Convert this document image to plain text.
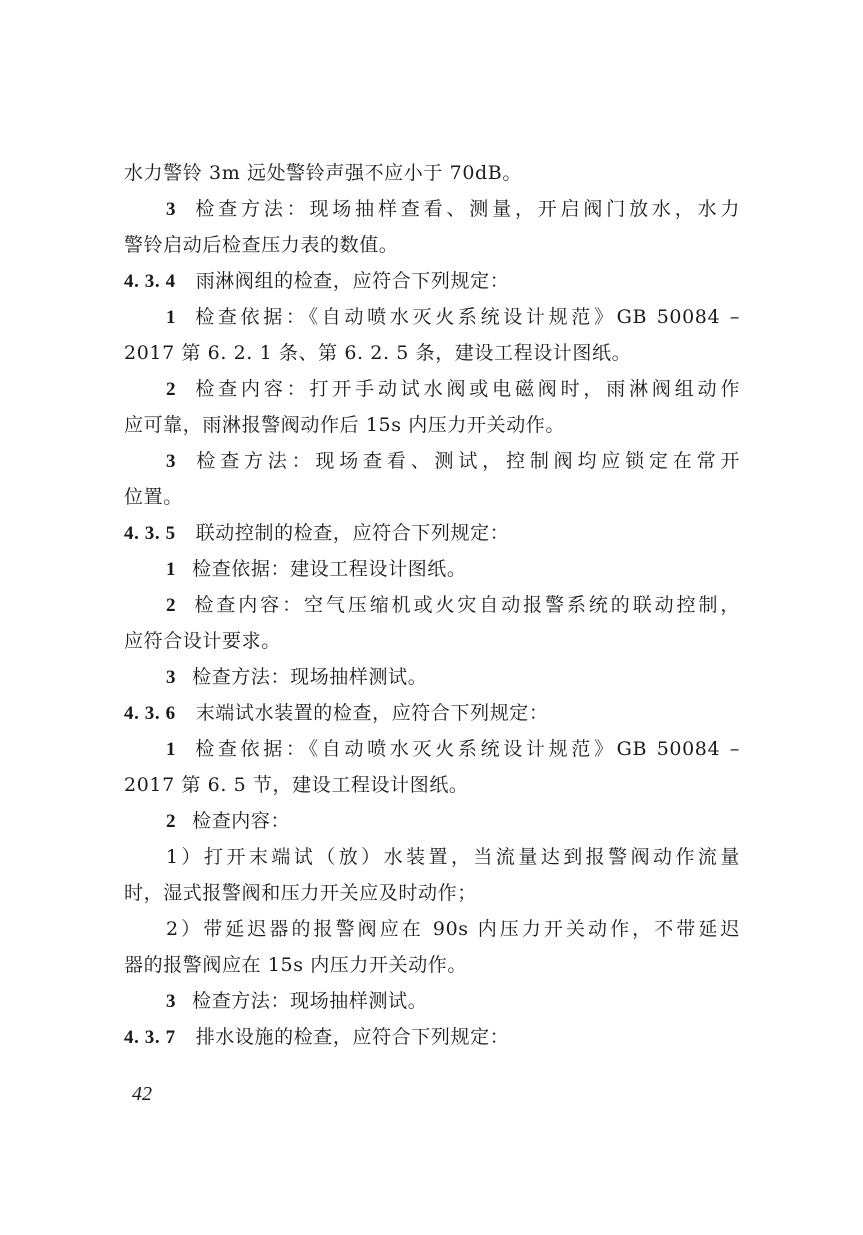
水力警铃 3m 远处警铃声强不应小于 70dB。
3 检查方法：现场抽样查看、测量，开启阀门放水，水力
警铃启动后检查压力表的数值。
4. 3. 4 雨淋阀组的检查，应符合下列规定：
1 检查依据：《自动喷水灭火系统设计规范》GB 50084 –
2017 第 6. 2. 1 条、第 6. 2. 5 条，建设工程设计图纸。
2 检查内容：打开手动试水阀或电磁阀时，雨淋阀组动作
应可靠，雨淋报警阀动作后 15s 内压力开关动作。
3 检查方法：现场查看、测试，控制阀均应锁定在常开
位置。
4. 3. 5 联动控制的检查，应符合下列规定：
1 检查依据：建设工程设计图纸。
2 检查内容：空气压缩机或火灾自动报警系统的联动控制，
应符合设计要求。
3 检查方法：现场抽样测试。
4. 3. 6 末端试水装置的检查，应符合下列规定：
1 检查依据：《自动喷水灭火系统设计规范》GB 50084 –
2017 第 6. 5 节，建设工程设计图纸。
2 检查内容：
1）打开末端试（放）水装置，当流量达到报警阀动作流量
时，湿式报警阀和压力开关应及时动作；
2）带延迟器的报警阀应在 90s 内压力开关动作，不带延迟
器的报警阀应在 15s 内压力开关动作。
3 检查方法：现场抽样测试。
4. 3. 7 排水设施的检查，应符合下列规定：
42
